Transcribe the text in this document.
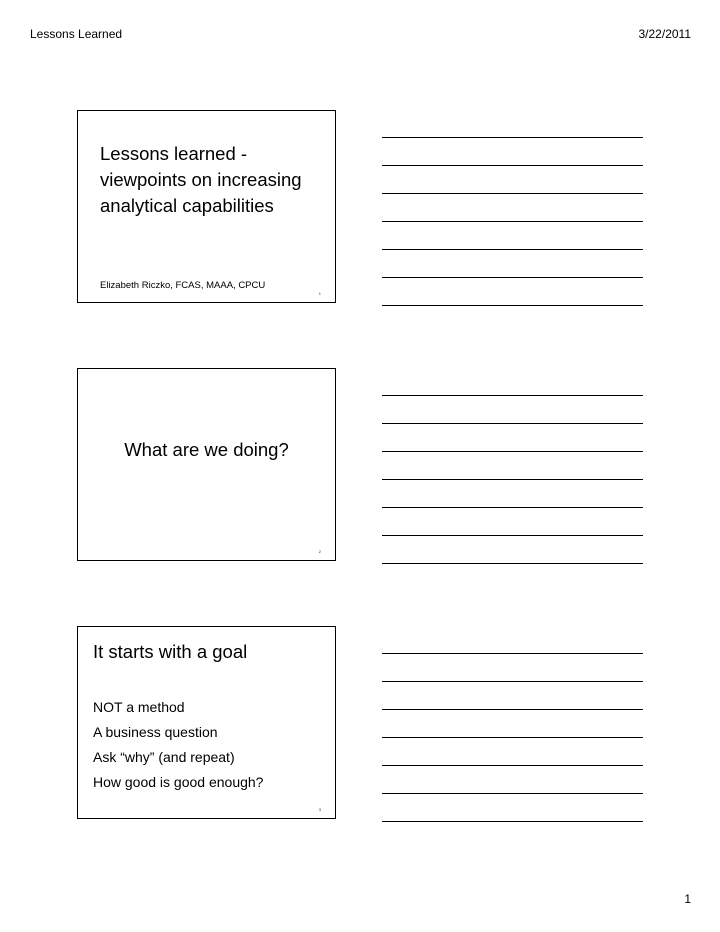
Lessons Learned	3/22/2011
Lessons learned - viewpoints on increasing analytical capabilities
Elizabeth Riczko, FCAS, MAAA, CPCU
1
What are we doing?
2
It starts with a goal
NOT a method
A business question
Ask “why” (and repeat)
How good is good enough?
3
1
